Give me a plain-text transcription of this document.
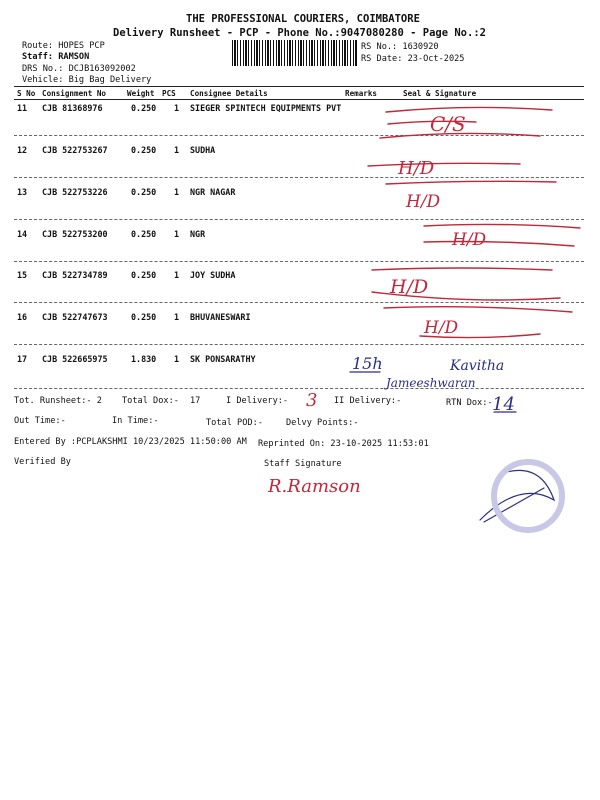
THE PROFESSIONAL COURIERS, COIMBATORE
Delivery Runsheet - PCP - Phone No.:9047080280 - Page No.:2
Route: HOPES PCP
Staff: RAMSON
DRS No.: DCJB163092002
Vehicle: Big Bag Delivery
RS No.: 1630920
RS Date: 23-Oct-2025
S No Consignment No	Weight PCS Consignee Details	Remarks	Seal & Signature
11 CJB 81368976	0.250 1 SIEGER SPINTECH EQUIPMENTS PVT
12 CJB 522753267	0.250 1 SUDHA
13 CJB 522753226	0.250 1 NGR NAGAR
14 CJB 522753200	0.250 1 NGR
15 CJB 522734789	0.250 1 JOY SUDHA
16 CJB 522747673	0.250 1 BHUVANESWARI
17 CJB 522665975	1.830 1 SK PONSARATHY
Tot. Runsheet:- 2 Total Dox:- 17	I Delivery:-	II Delivery:-	RTN Dox:-
Out Time:-	In Time:-	Total POD:-	Delvy Points:-
Entered By :PCPLAKSHMI 10/23/2025 11:50:00 AM Reprinted On: 23-10-2025 11:53:01
Verified By	Staff Signature
C/S
H/D
H/D
H/D
H/D
H/D
15h	Kavitha
Jameeshwaran
3	14
R.Ramson
